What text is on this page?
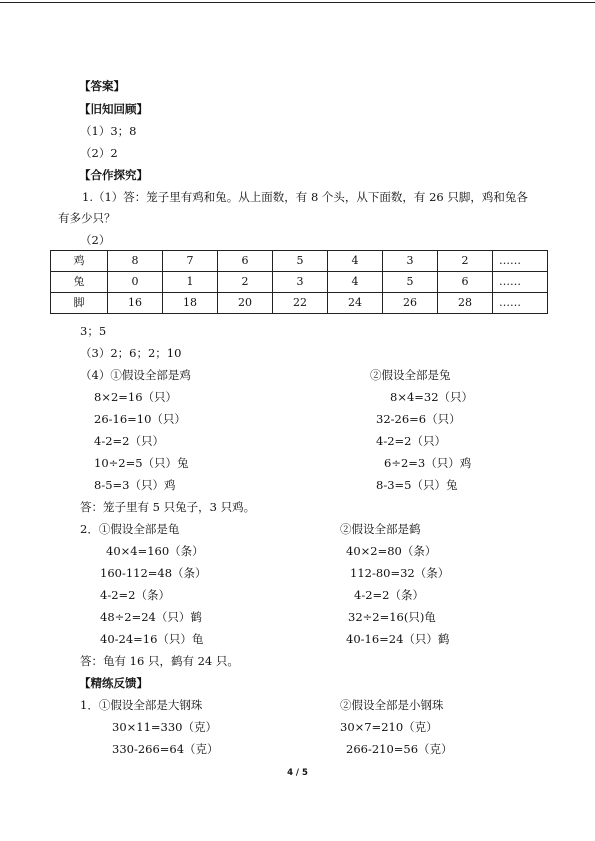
【答案】
【旧知回顾】
（1）3；8
（2）2
【合作探究】
1.（1）答：笼子里有鸡和兔。从上面数，有 8 个头，从下面数，有 26 只脚，鸡和兔各
有多少只？
（2）
鸡	8	7	6	5	4	3	2	……
兔	0	1	2	3	4	5	6	……
脚	16	18	20	22	24	26	28	……
3；5
（3）2；6；2；10
（4）①假设全部是鸡
8×2=16（只）
26-16=10（只）
4-2=2（只）
10÷2=5（只）兔
8-5=3（只）鸡
②假设全部是兔
8×4=32（只）
32-26=6（只）
4-2=2（只）
6÷2=3（只）鸡
8-3=5（只）兔
答：笼子里有 5 只兔子，3 只鸡。
2．①假设全部是龟
40×4=160（条）
160-112=48（条）
4-2=2（条）
48÷2=24（只）鹤
40-24=16（只）龟
②假设全部是鹤
40×2=80（条）
112-80=32（条）
4-2=2（条）
32÷2=16(只)龟
40-16=24（只）鹤
答：龟有 16 只，鹤有 24 只。
【精练反馈】
1．①假设全部是大钢珠
30×11=330（克）
330-266=64（克）
②假设全部是小钢珠
30×7=210（克）
266-210=56（克）
4 / 5
